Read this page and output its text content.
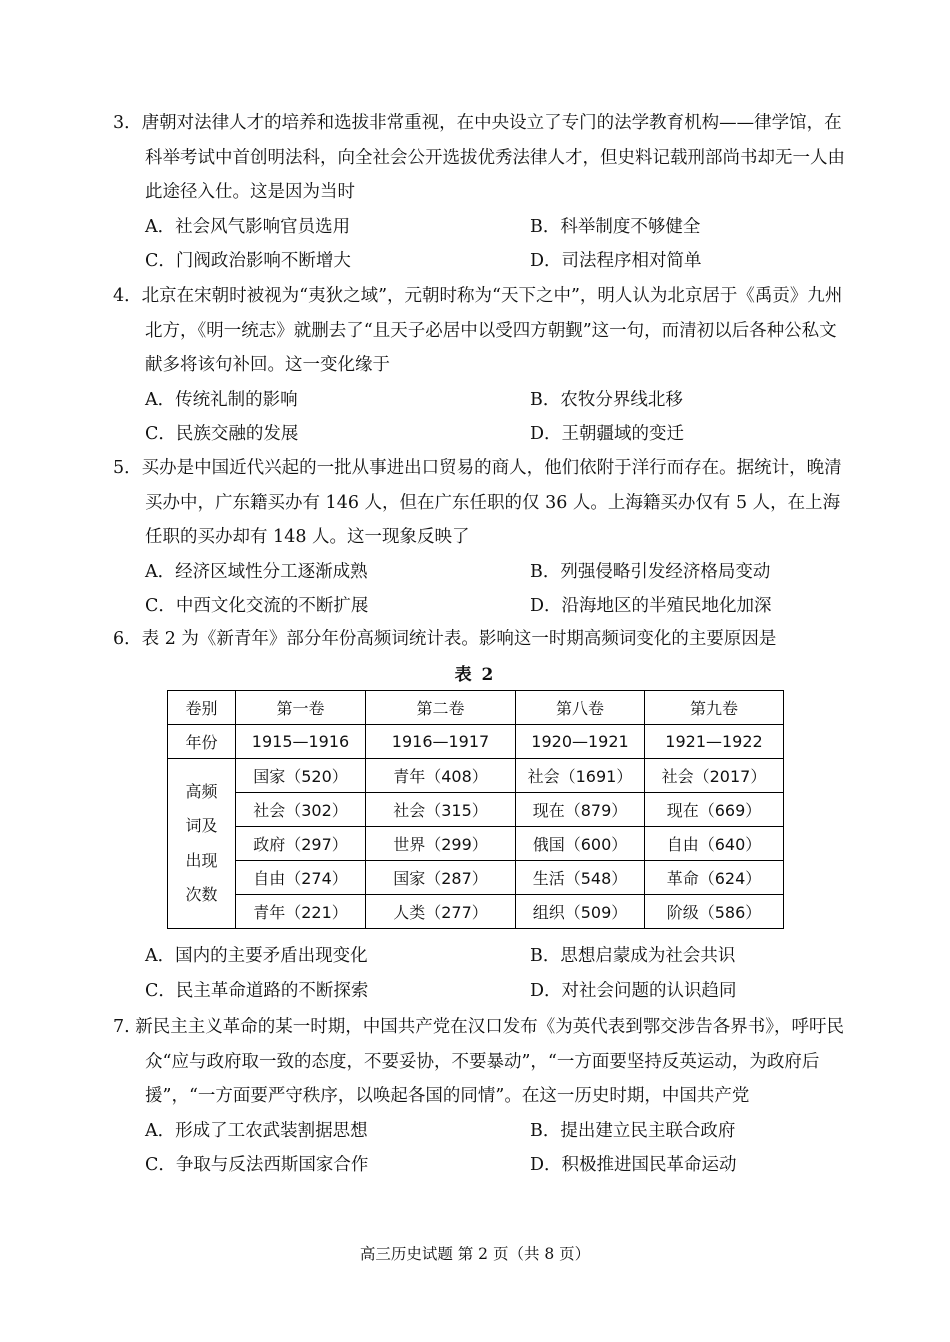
3．唐朝对法律人才的培养和选拔非常重视，在中央设立了专门的法学教育机构——律学馆，在科举考试中首创明法科，向全社会公开选拔优秀法律人才，但史料记载刑部尚书却无一人由此途径入仕。这是因为当时

A．社会风气影响官员选用	B．科举制度不够健全
C．门阀政治影响不断增大	D．司法程序相对简单

4．北京在宋朝时被视为“夷狄之域”，元朝时称为“天下之中”，明人认为北京居于《禹贡》九州北方，《明一统志》就删去了“且天子必居中以受四方朝觐”这一句，而清初以后各种公私文献多将该句补回。这一变化缘于

A．传统礼制的影响	B．农牧分界线北移
C．民族交融的发展	D．王朝疆域的变迁

5．买办是中国近代兴起的一批从事进出口贸易的商人，他们依附于洋行而存在。据统计，晚清买办中，广东籍买办有 146 人，但在广东任职的仅 36 人。上海籍买办仅有 5 人，在上海任职的买办却有 148 人。这一现象反映了

A．经济区域性分工逐渐成熟	B．列强侵略引发经济格局变动
C．中西文化交流的不断扩展	D．沿海地区的半殖民地化加深

6．表 2 为《新青年》部分年份高频词统计表。影响这一时期高频词变化的主要原因是

表 2
卷别	第一卷	第二卷	第八卷	第九卷
年份	1915—1916	1916—1917	1920—1921	1921—1922

高频
词及
出现
次数	国家（520）	青年（408）	社会（1691）	社会（2017）
	社会（302）	社会（315）	现在（879）	现在（669）
	政府（297）	世界（299）	俄国（600）	自由（640）
	自由（274）	国家（287）	生活（548）	革命（624）
	青年（221）	人类（277）	组织（509）	阶级（586）
A．国内的主要矛盾出现变化	B．思想启蒙成为社会共识
C．民主革命道路的不断探索	D．对社会问题的认识趋同

7. 新民主主义革命的某一时期，中国共产党在汉口发布《为英代表到鄂交涉告各界书》，呼吁民众“应与政府取一致的态度，不要妥协，不要暴动”，“一方面要坚持反英运动，为政府后援”，“一方面要严守秩序，以唤起各国的同情”。在这一历史时期，中国共产党

A．形成了工农武装割据思想	B．提出建立民主联合政府
C．争取与反法西斯国家合作	D．积极推进国民革命运动
高三历史试题 第 2 页（共 8 页）
